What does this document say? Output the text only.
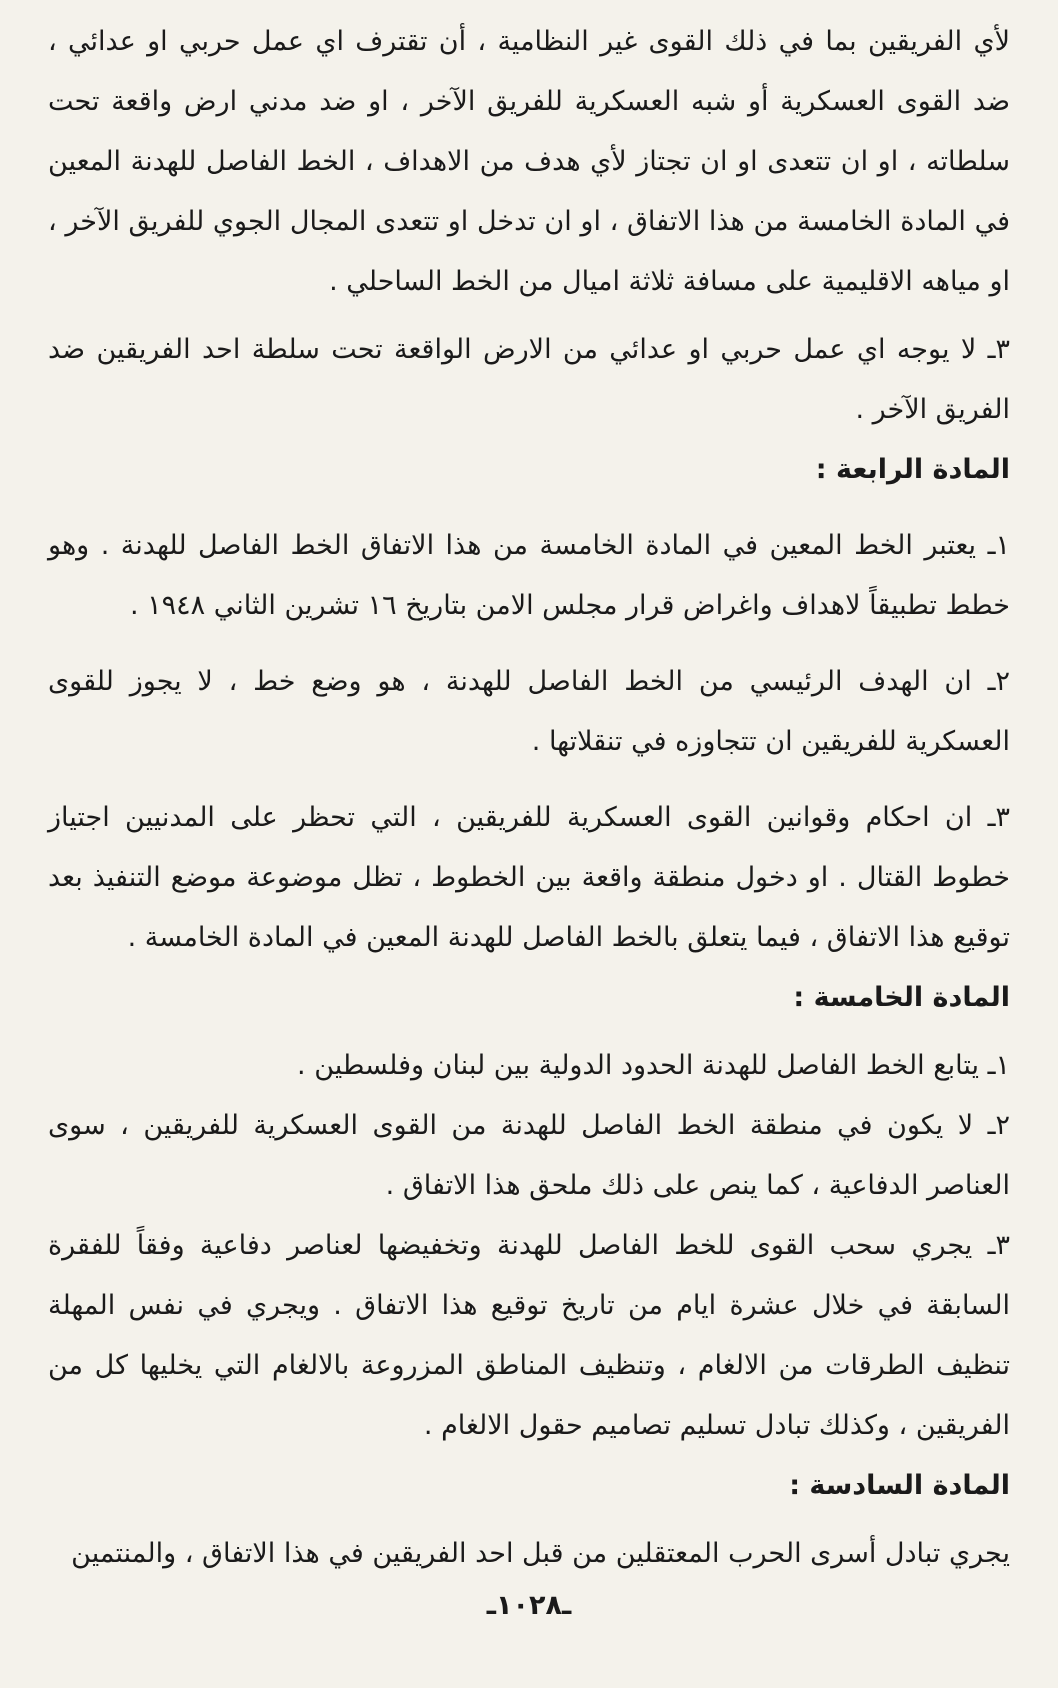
لأي الفريقين بما في ذلك القوى غير النظامية ، أن تقترف اي عمل حربي او عدائي ، ضد القوى العسكرية أو شبه العسكرية للفريق الآخر ، او ضد مدني ارض واقعة تحت سلطاته ، او ان تتعدى او ان تجتاز لأي هدف من الاهداف ، الخط الفاصل للهدنة المعين في المادة الخامسة من هذا الاتفاق ، او ان تدخل او تتعدى المجال الجوي للفريق الآخر ، او مياهه الاقليمية على مسافة ثلاثة اميال من الخط الساحلي .

٣ـ لا يوجه اي عمل حربي او عدائي من الارض الواقعة تحت سلطة احد الفريقين ضد الفريق الآخر .

المادة الرابعة :

١ـ يعتبر الخط المعين في المادة الخامسة من هذا الاتفاق الخط الفاصل للهدنة . وهو خطط تطبيقاً لاهداف واغراض قرار مجلس الامن بتاريخ ١٦ تشرين الثاني ١٩٤٨ .

٢ـ ان الهدف الرئيسي من الخط الفاصل للهدنة ، هو وضع خط ، لا يجوز للقوى العسكرية للفريقين ان تتجاوزه في تنقلاتها .

٣ـ ان احكام وقوانين القوى العسكرية للفريقين ، التي تحظر على المدنيين اجتياز خطوط القتال . او دخول منطقة واقعة بين الخطوط ، تظل موضوعة موضع التنفيذ بعد توقيع هذا الاتفاق ، فيما يتعلق بالخط الفاصل للهدنة المعين في المادة الخامسة .

المادة الخامسة :

١ـ يتابع الخط الفاصل للهدنة الحدود الدولية بين لبنان وفلسطين .

٢ـ لا يكون في منطقة الخط الفاصل للهدنة من القوى العسكرية للفريقين ، سوى العناصر الدفاعية ، كما ينص على ذلك ملحق هذا الاتفاق .

٣ـ يجري سحب القوى للخط الفاصل للهدنة وتخفيضها لعناصر دفاعية وفقاً للفقرة السابقة في خلال عشرة ايام من تاريخ توقيع هذا الاتفاق . ويجري في نفس المهلة تنظيف الطرقات من الالغام ، وتنظيف المناطق المزروعة بالالغام التي يخليها كل من الفريقين ، وكذلك تبادل تسليم تصاميم حقول الالغام .

المادة السادسة :

يجري تبادل أسرى الحرب المعتقلين من قبل احد الفريقين في هذا الاتفاق ، والمنتمين

ـ١٠٢٨ـ
